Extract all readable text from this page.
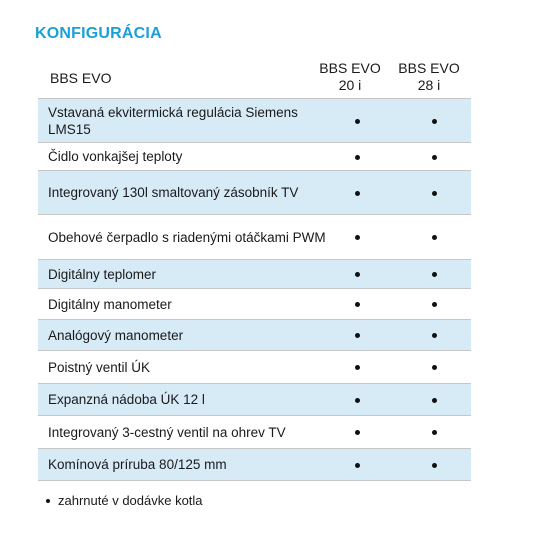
KONFIGURÁCIA
BBS EVO
BBS EVO 20 i
BBS EVO 28 i
Vstavaná ekvitermická regulácia Siemens LMS15
Čidlo vonkajšej teploty
Integrovaný 130l smaltovaný zásobník TV
Obehové čerpadlo s riadenými otáčkami PWM
Digitálny teplomer
Digitálny manometer
Analógový manometer
Poistný ventil ÚK
Expanzná nádoba ÚK 12 l
Integrovaný 3-cestný ventil na ohrev TV
Komínová príruba 80/125 mm
zahrnuté v dodávke kotla
